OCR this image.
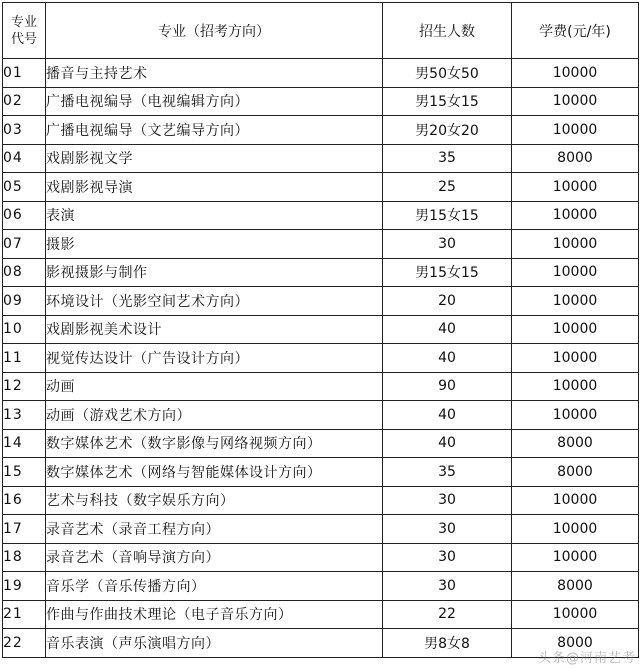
专业
代号	专业（招考方向）	招生人数	学费(元/年)
01	播音与主持艺术	男50女50	10000
02	广播电视编导（电视编辑方向）	男15女15	10000
03	广播电视编导（文艺编导方向）	男20女20	10000
04	戏剧影视文学	35	8000
05	戏剧影视导演	25	10000
06	表演	男15女15	10000
07	摄影	30	10000
08	影视摄影与制作	男15女15	10000
09	环境设计（光影空间艺术方向）	20	10000
10	戏剧影视美术设计	40	10000
11	视觉传达设计（广告设计方向）	40	10000
12	动画	90	10000
13	动画（游戏艺术方向）	40	10000
14	数字媒体艺术（数字影像与网络视频方向）	40	8000
15	数字媒体艺术（网络与智能媒体设计方向）	35	8000
16	艺术与科技（数字娱乐方向）	30	10000
17	录音艺术（录音工程方向）	30	10000
18	录音艺术（音响导演方向）	30	10000
19	音乐学（音乐传播方向）	30	8000
21	作曲与作曲技术理论（电子音乐方向）	22	10000
22	音乐表演（声乐演唱方向）	男8女8	8000
头条@河南艺考
